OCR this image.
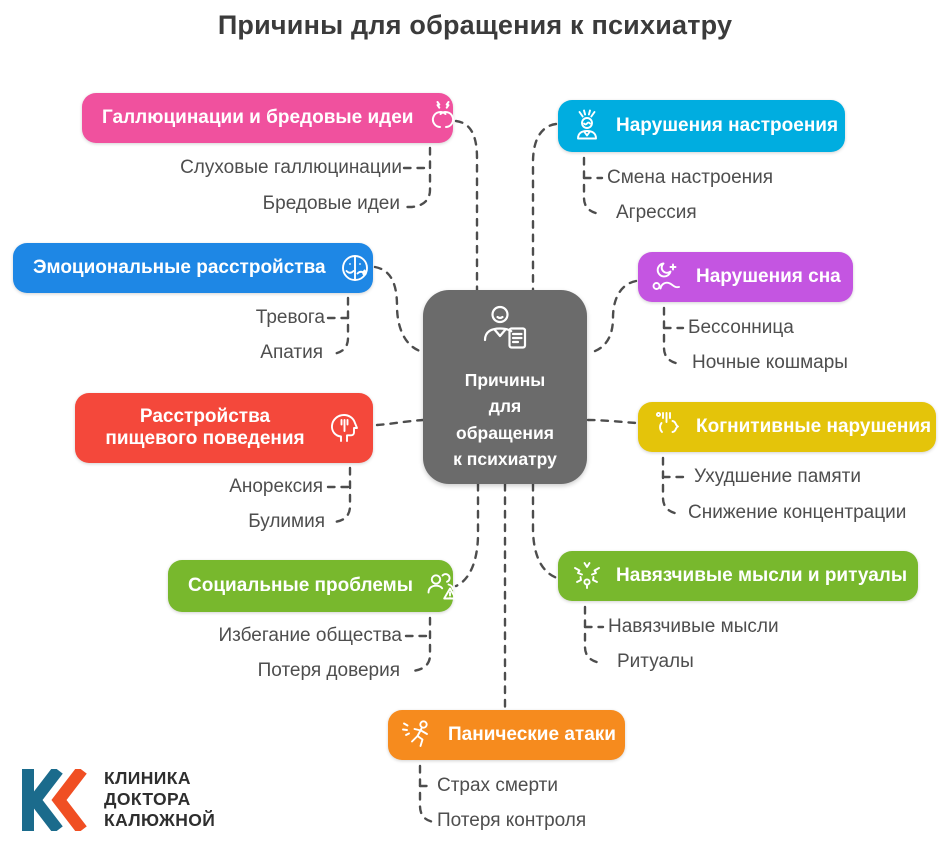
Причины для обращения к психиатру
Галлюцинации и бредовые идеи
Эмоциональные расстройства
Расстройства пищевого поведения
Социальные проблемы
Нарушения настроения
Нарушения сна
Когнитивные нарушения
Навязчивые мысли и ритуалы
Панические атаки
Слуховые галлюцинации
Бредовые идеи
Тревога
Апатия
Анорексия
Булимия
Избегание общества
Потеря доверия
Смена настроения
Агрессия
Бессонница
Ночные кошмары
Ухудшение памяти
Снижение концентрации
Навязчивые мысли
Ритуалы
Страх смерти
Потеря контроля
Причины
для
обращения
к психиатру
КЛИНИКА
ДОКТОРА
КАЛЮЖНОЙ
